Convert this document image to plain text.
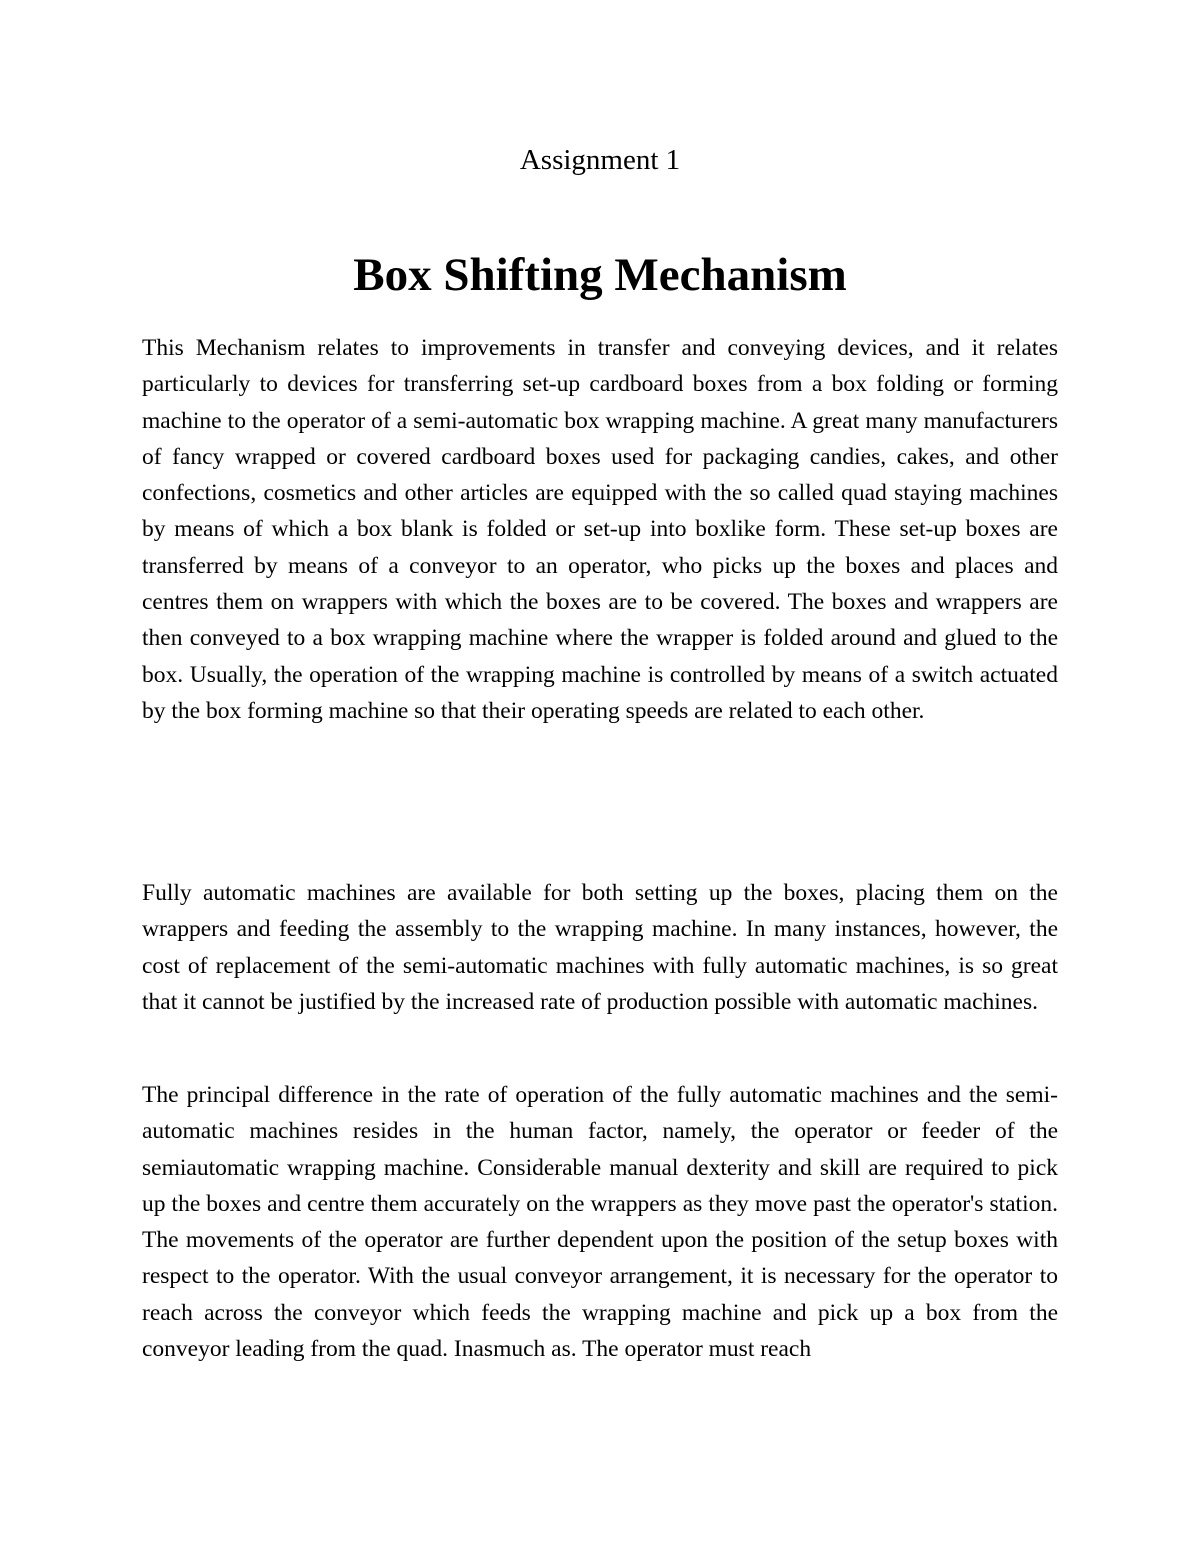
Assignment 1
Box Shifting Mechanism

This Mechanism relates to improvements in transfer and conveying devices, and it relates particularly to devices for transferring set-up cardboard boxes from a box folding or forming machine to the operator of a semi-automatic box wrapping machine. A great many manufacturers of fancy wrapped or covered cardboard boxes used for packaging candies, cakes, and other confections, cosmetics and other articles are equipped with the so called quad staying machines by means of which a box blank is folded or set-up into boxlike form. These set-up boxes are transferred by means of a conveyor to an operator, who picks up the boxes and places and centres them on wrappers with which the boxes are to be covered. The boxes and wrappers are then conveyed to a box wrapping machine where the wrapper is folded around and glued to the box. Usually, the operation of the wrapping machine is controlled by means of a switch actuated by the box forming machine so that their operating speeds are related to each other.

Fully automatic machines are available for both setting up the boxes, placing them on the wrappers and feeding the assembly to the wrapping machine. In many instances, however, the cost of replacement of the semi-automatic machines with fully automatic machines, is so great that it cannot be justified by the increased rate of production possible with automatic machines.

The principal difference in the rate of operation of the fully automatic machines and the semi-automatic machines resides in the human factor, namely, the operator or feeder of the semiautomatic wrapping machine. Considerable manual dexterity and skill are required to pick up the boxes and centre them accurately on the wrappers as they move past the operator's station. The movements of the operator are further dependent upon the position of the setup boxes with respect to the operator. With the usual conveyor arrangement, it is necessary for the operator to reach across the conveyor which feeds the wrapping machine and pick up a box from the conveyor leading from the quad. Inasmuch as. The operator must reach
